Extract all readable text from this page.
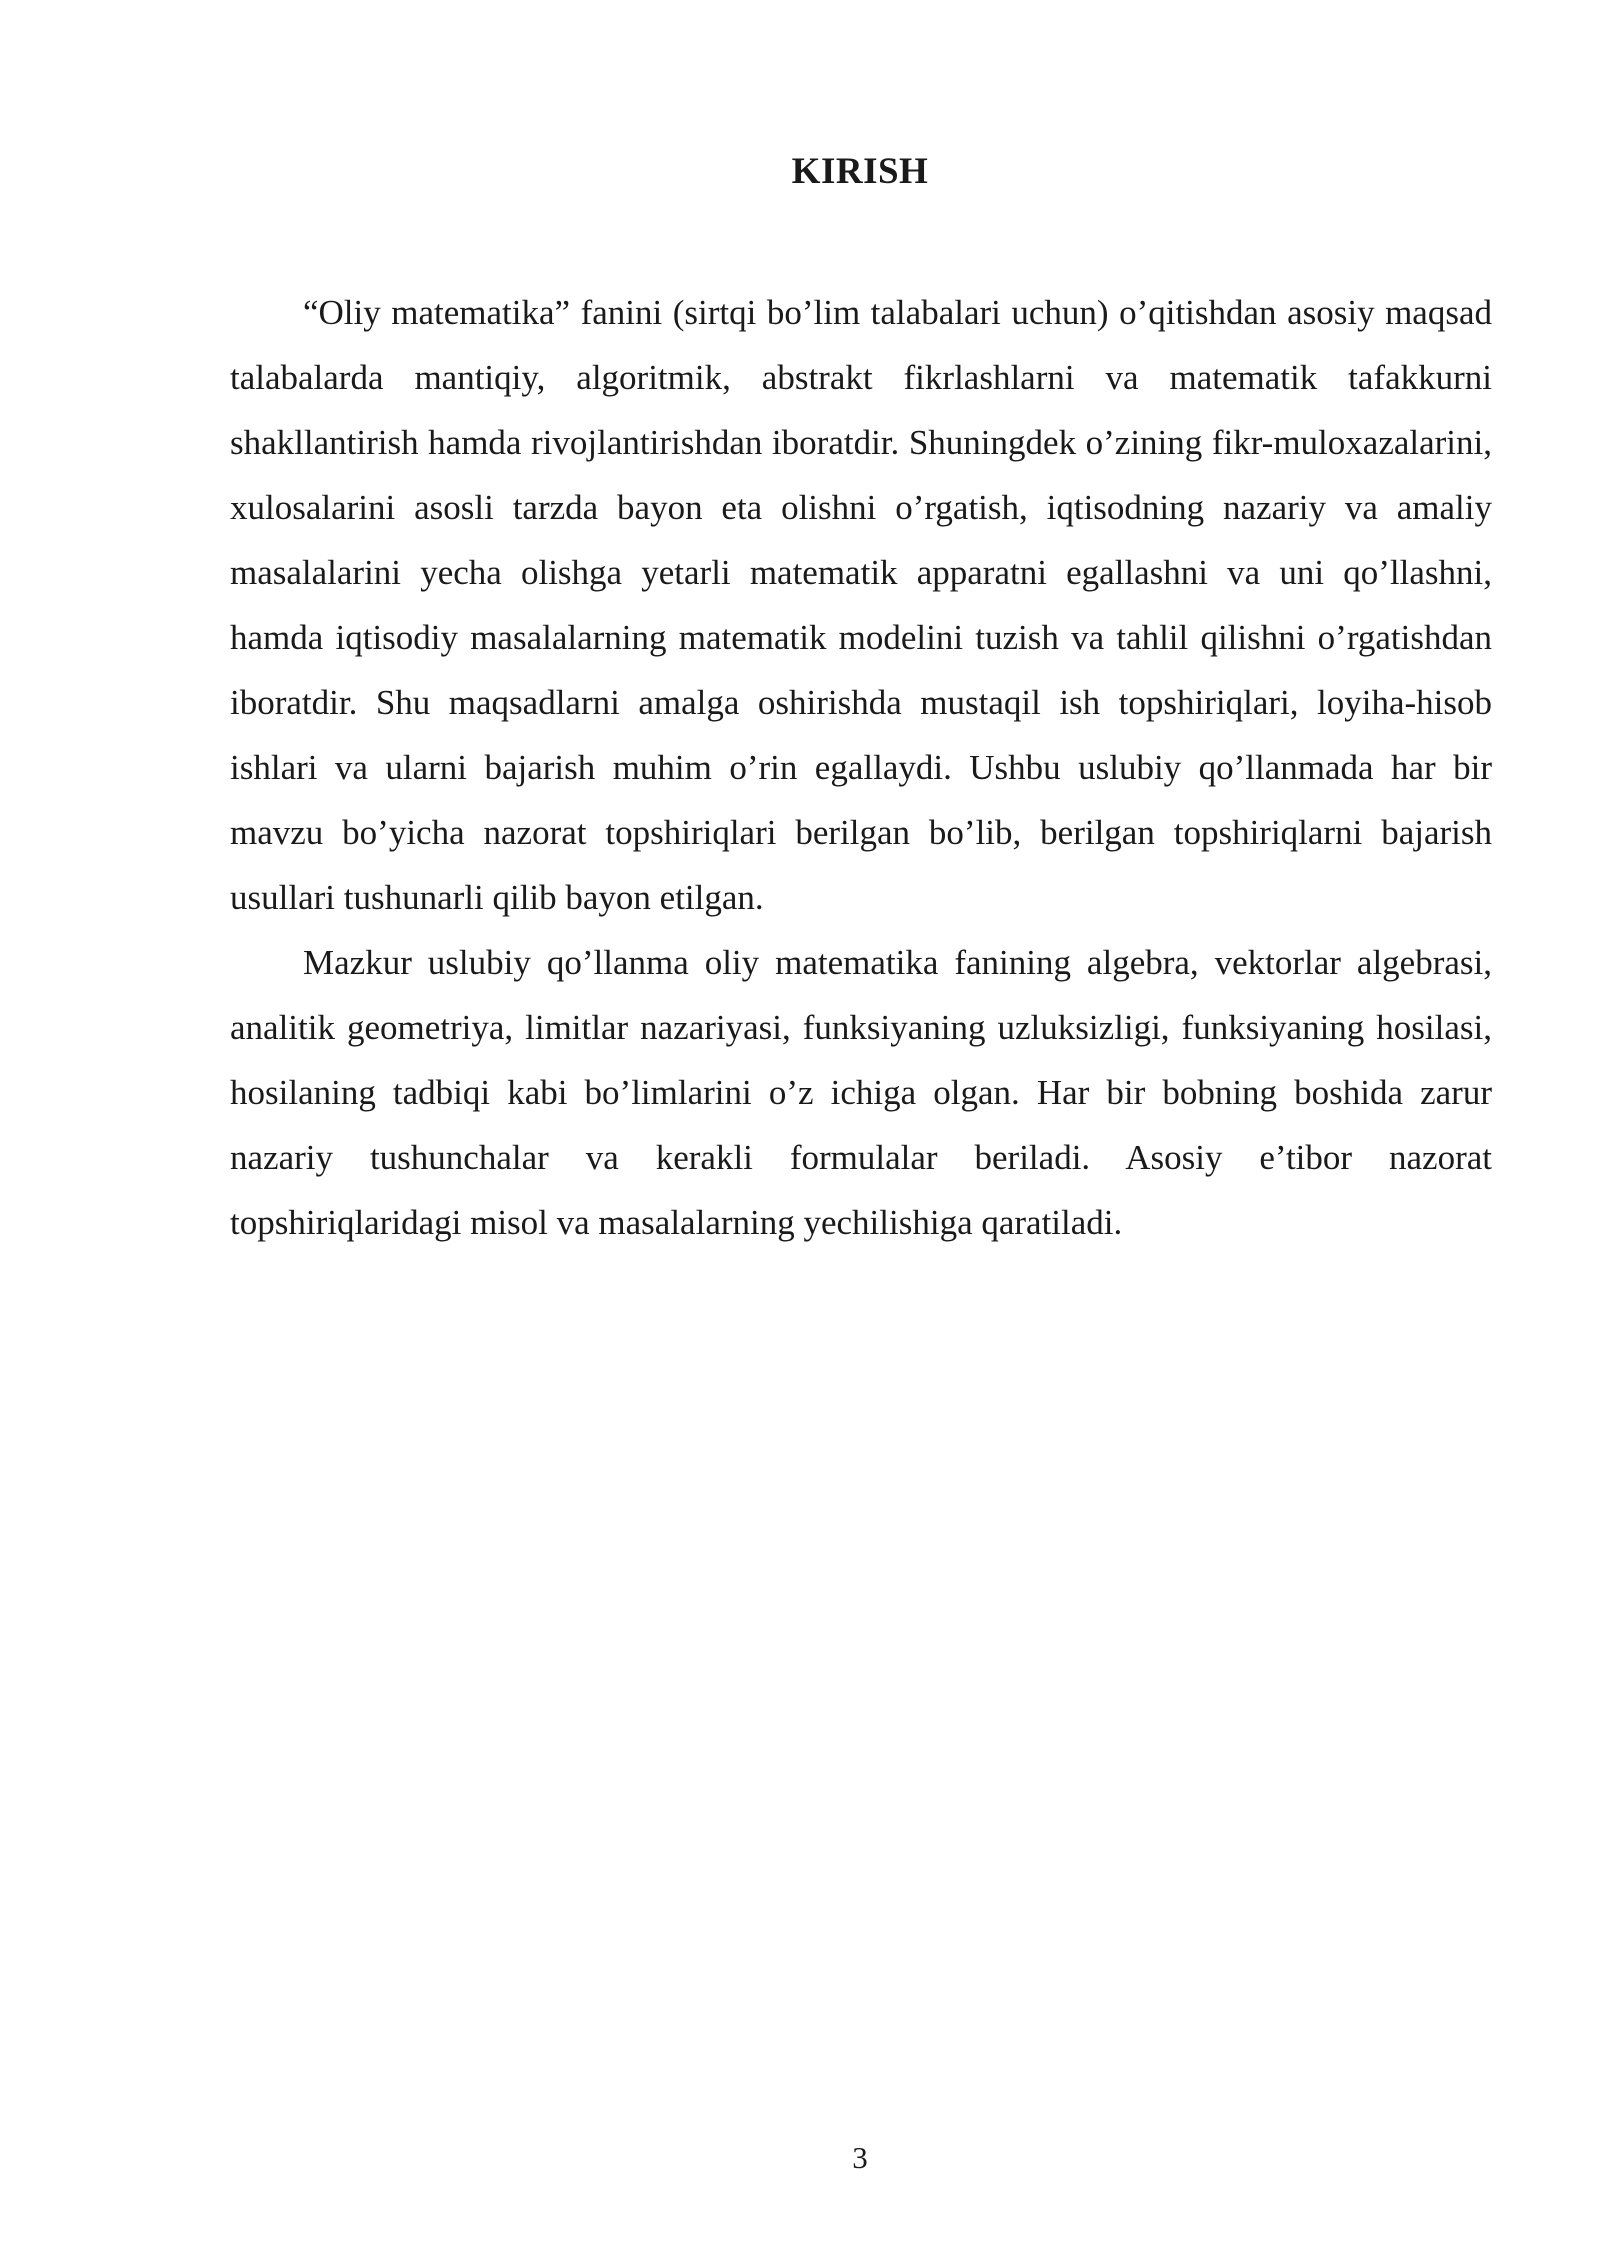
KIRISH

“Oliy matematika” fanini (sirtqi bo’lim talabalari uchun) o’qitishdan asosiy maqsad talabalarda mantiqiy, algoritmik, abstrakt fikrlashlarni va matematik tafakkurni shakllantirish hamda rivojlantirishdan iboratdir. Shuningdek o’zining fikr-muloxazalarini, xulosalarini asosli tarzda bayon eta olishni o’rgatish, iqtisodning nazariy va amaliy masalalarini yecha olishga yetarli matematik apparatni egallashni va uni qo’llashni, hamda iqtisodiy masalalarning matematik modelini tuzish va tahlil qilishni o’rgatishdan iboratdir. Shu maqsadlarni amalga oshirishda mustaqil ish topshiriqlari, loyiha-hisob ishlari va ularni bajarish muhim o’rin egallaydi. Ushbu uslubiy qo’llanmada har bir mavzu bo’yicha nazorat topshiriqlari berilgan bo’lib, berilgan topshiriqlarni bajarish usullari tushunarli qilib bayon etilgan.

Mazkur uslubiy qo’llanma oliy matematika fanining algebra, vektorlar algebrasi, analitik geometriya, limitlar nazariyasi, funksiyaning uzluksizligi, funksiyaning hosilasi, hosilaning tadbiqi kabi bo’limlarini o’z ichiga olgan. Har bir bobning boshida zarur nazariy tushunchalar va kerakli formulalar beriladi. Asosiy e’tibor nazorat topshiriqlaridagi misol va masalalarning yechilishiga qaratiladi.

3
